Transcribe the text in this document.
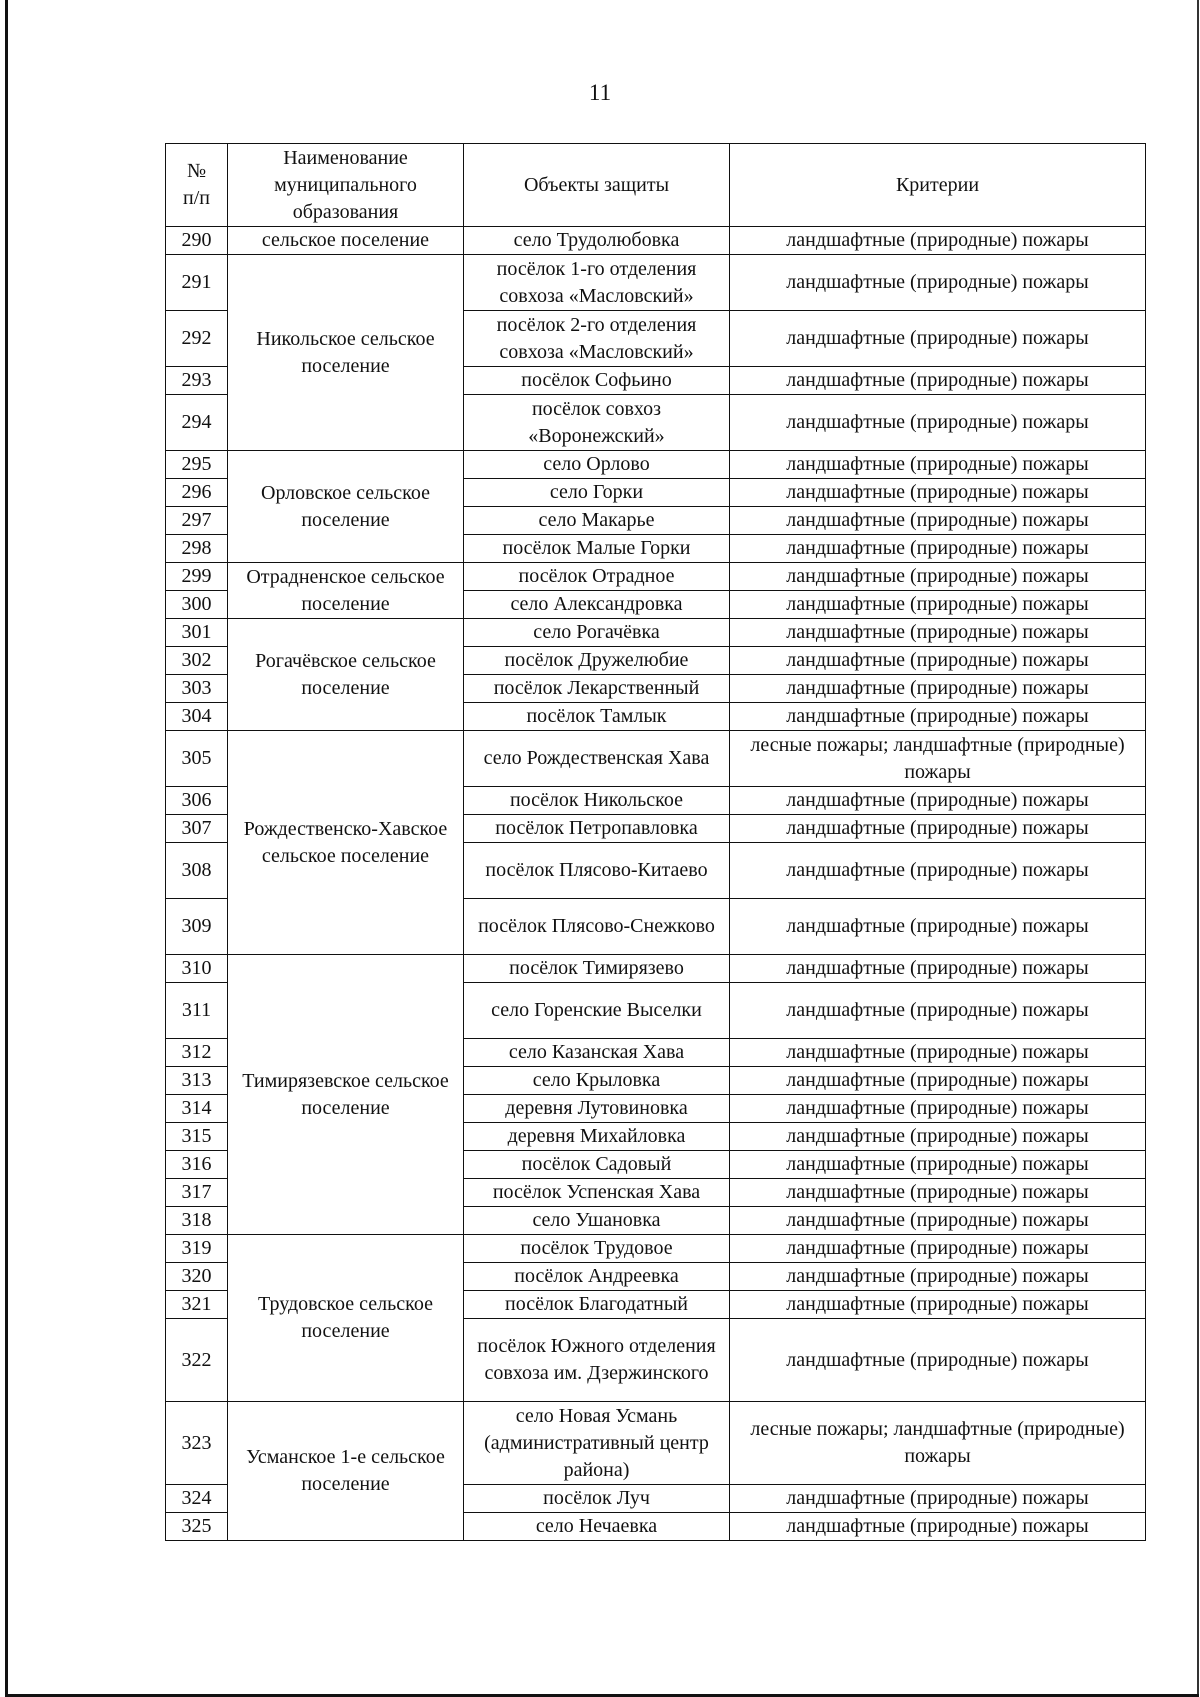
11
№
п/п	Наименование муниципального образования	Объекты защиты	Критерии
290	сельское поселение	село Трудолюбовка	ландшафтные (природные) пожары
291	Никольское сельское поселение	посёлок 1-го отделения совхоза «Масловский»	ландшафтные (природные) пожары
292		посёлок 2-го отделения совхоза «Масловский»	ландшафтные (природные) пожары
293		посёлок Софьино	ландшафтные (природные) пожары
294		посёлок совхоз «Воронежский»	ландшафтные (природные) пожары
295	Орловское сельское поселение	село Орлово	ландшафтные (природные) пожары
296		село Горки	ландшафтные (природные) пожары
297		село Макарье	ландшафтные (природные) пожары
298		посёлок Малые Горки	ландшафтные (природные) пожары
299	Отрадненское сельское поселение	посёлок Отрадное	ландшафтные (природные) пожары
300		село Александровка	ландшафтные (природные) пожары
301	Рогачёвское сельское поселение	село Рогачёвка	ландшафтные (природные) пожары
302		посёлок Дружелюбие	ландшафтные (природные) пожары
303		посёлок Лекарственный	ландшафтные (природные) пожары
304		посёлок Тамлык	ландшафтные (природные) пожары
305	Рождественско-Хавское сельское поселение	село Рождественская Хава	лесные пожары; ландшафтные (природные) пожары
306		посёлок Никольское	ландшафтные (природные) пожары
307		посёлок Петропавловка	ландшафтные (природные) пожары
308		посёлок Плясово-Китаево	ландшафтные (природные) пожары
309		посёлок Плясово-Снежково	ландшафтные (природные) пожары
310	Тимирязевское сельское поселение	посёлок Тимирязево	ландшафтные (природные) пожары
311		село Горенские Выселки	ландшафтные (природные) пожары
312		село Казанская Хава	ландшафтные (природные) пожары
313		село Крыловка	ландшафтные (природные) пожары
314		деревня Лутовиновка	ландшафтные (природные) пожары
315		деревня Михайловка	ландшафтные (природные) пожары
316		посёлок Садовый	ландшафтные (природные) пожары
317		посёлок Успенская Хава	ландшафтные (природные) пожары
318		село Ушановка	ландшафтные (природные) пожары
319	Трудовское сельское поселение	посёлок Трудовое	ландшафтные (природные) пожары
320		посёлок Андреевка	ландшафтные (природные) пожары
321		посёлок Благодатный	ландшафтные (природные) пожары
322		посёлок Южного отделения совхоза им. Дзержинского	ландшафтные (природные) пожары
323	Усманское 1-е сельское поселение	село Новая Усмань (административный центр района)	лесные пожары; ландшафтные (природные) пожары
324		посёлок Луч	ландшафтные (природные) пожары
325		село Нечаевка	ландшафтные (природные) пожары
